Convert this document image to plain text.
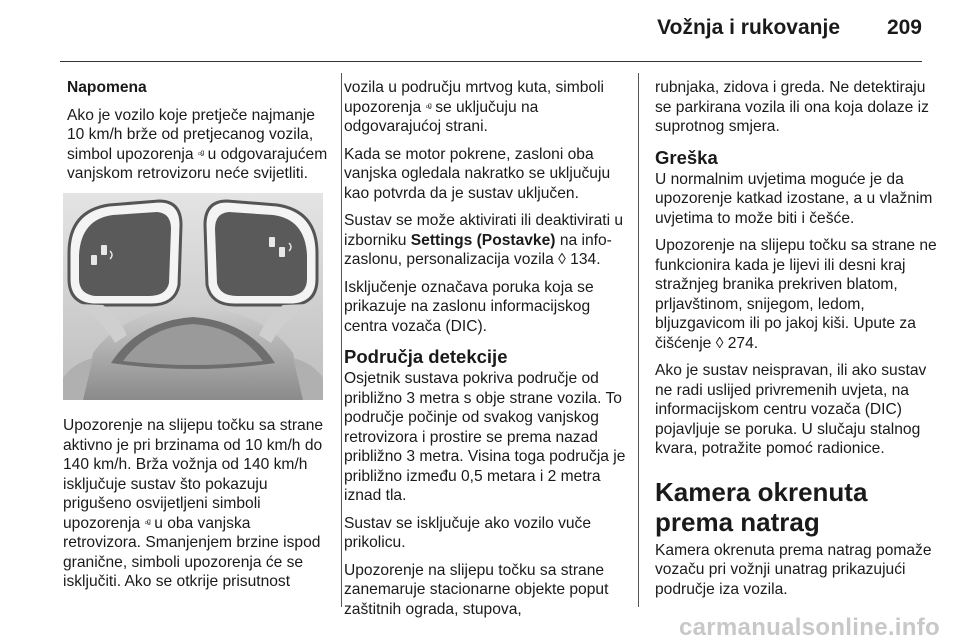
Vožnja i rukovanje	209

Napomena

Ako je vozilo koje pretječe najmanje 10 km/h brže od pretjecanog vozila, simbol upozorenja ▫ᵍ u odgovarajućem vanjskom retrovizoru neće svijetliti.

Upozorenje na slijepu točku sa strane aktivno je pri brzinama od 10 km/h do 140 km/h. Brža vožnja od 140 km/h isključuje sustav što pokazuju prigušeno osvijetljeni simboli upozorenja ▫ᵍ u oba vanjska retrovizora. Smanjenjem brzine ispod granične, simboli upozorenja će se isključiti. Ako se otkrije prisutnost

vozila u području mrtvog kuta, simboli upozorenja ▫ᵍ se uključuju na odgovarajućoj strani.

Kada se motor pokrene, zasloni oba vanjska ogledala nakratko se uključuju kao potvrda da je sustav uključen.

Sustav se može aktivirati ili deaktivirati u izborniku Settings (Postavke) na info-zaslonu, personalizacija vozila ◊ 134.

Isključenje označava poruka koja se prikazuje na zaslonu informacijskog centra vozača (DIC).

Područja detekcije

Osjetnik sustava pokriva područje od približno 3 metra s obje strane vozila. To područje počinje od svakog vanjskog retrovizora i prostire se prema nazad približno 3 metra. Visina toga područja je približno između 0,5 metara i 2 metra iznad tla.

Sustav se isključuje ako vozilo vuče prikolicu.

Upozorenje na slijepu točku sa strane zanemaruje stacionarne objekte poput zaštitnih ograda, stupova,

rubnjaka, zidova i greda. Ne detektiraju se parkirana vozila ili ona koja dolaze iz suprotnog smjera.

Greška

U normalnim uvjetima moguće je da upozorenje katkad izostane, a u vlažnim uvjetima to može biti i češće.

Upozorenje na slijepu točku sa strane ne funkcionira kada je lijevi ili desni kraj stražnjeg branika prekriven blatom, prljavštinom, snijegom, ledom, bljuzgavicom ili po jakoj kiši. Upute za čišćenje ◊ 274.

Ako je sustav neispravan, ili ako sustav ne radi uslijed privremenih uvjeta, na informacijskom centru vozača (DIC) pojavljuje se poruka. U slučaju stalnog kvara, potražite pomoć radionice.

Kamera okrenuta prema natrag

Kamera okrenuta prema natrag pomaže vozaču pri vožnji unatrag prikazujući područje iza vozila.

carmanualsonline.info
